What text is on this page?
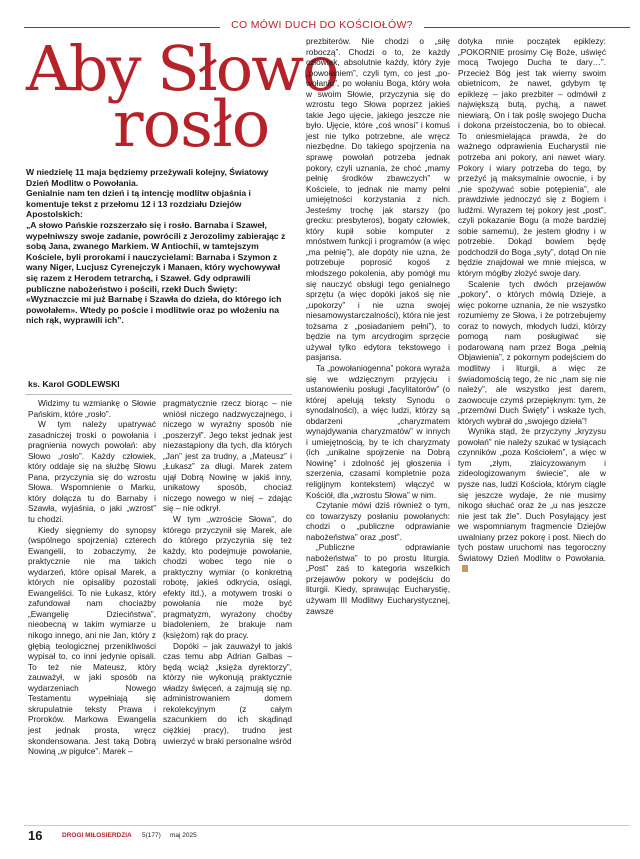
CO MÓWI DUCH DO KOŚCIOŁÓW?
Aby Słowo
rosło

W niedzielę 11 maja będziemy przeżywali kolejny, Światowy Dzień Modlitw o Powołania.

Genialnie nam ten dzień i tą intencję modlitw objaśnia i komentuje tekst z przełomu 12 i 13 rozdziału Dziejów Apostolskich:

„A słowo Pańskie rozszerzało się i rosło. Barnaba i Szaweł, wypełniwszy swoje zadanie, powrócili z Jerozolimy zabierając z sobą Jana, zwanego Markiem. W Antiochii, w tamtejszym Kościele, byli prorokami i nauczycielami: Barnaba i Szymon z wany Niger, Lucjusz Cyrenejczyk i Manaen, który wychowywał się razem z Herodem tetrarchą, i Szaweł. Gdy odprawili publiczne nabożeństwo i pościli, rzekł Duch Święty: «Wyznaczcie mi już Barnabę i Szawła do dzieła, do którego ich powołałem». Wtedy po poście i modlitwie oraz po włożeniu na nich rąk, wyprawili ich”.

ks. Karol GODLEWSKI

Widzimy tu wzmiankę o Słowie Pańskim, które „rosło”.

W tym należy upatrywać zasadniczej troski o powołania i pragnienia nowych powołań: aby Słowo „rosło”. Każdy człowiek, który oddaje się na służbę Słowu Pana, przyczynia się do wzrostu Słowa. Wspomnienie o Marku, który dołącza tu do Barnaby i Szawła, wyjaśnia, o jaki „wzrost” tu chodzi.

Kiedy sięgniemy do synopsy (wspólnego spojrzenia) czterech Ewangelii, to zobaczymy, że praktycznie nie ma takich wydarzeń, które opisał Marek, a których nie opisaliby pozostali Ewangeliści. To nie Łukasz, który zafundował nam chociażby „Ewangelię Dzieciństwa”, nieobecną w takim wymiarze u nikogo innego, ani nie Jan, który z głębią teologicznej przenikliwości wypisał to, co inni jedynie opisali. To też nie Mateusz, który zauważył, w jaki sposób na wydarzeniach Nowego Testamentu wypełniają się skrupulatnie teksty Prawa i Proroków. Markowa Ewangelia jest jednak prosta, wręcz skondensowana. Jest taką Dobrą Nowiną „w pigułce”. Marek –

pragmatycznie rzecz biorąc – nie wniósł niczego nadzwyczajnego, i niczego w wyraźny sposób nie „poszerzył”. Jego tekst jednak jest niezastąpiony dla tych, dla których „Jan” jest za trudny, a „Mateusz” i „Łukasz” za długi. Marek zatem ujął Dobrą Nowinę w jakiś inny, unikatowy sposób, chociaż niczego nowego w niej – zdając się – nie odkrył.

W tym „wzroście Słowa”, do którego przyczynił się Marek, ale do którego przyczynia się też każdy, kto podejmuje powołanie, chodzi wobec tego nie o praktyczny wymiar (o konkretną robotę, jakieś odkrycia, osiągi, efekty itd.), a motywem troski o powołania nie może być pragmatyzm, wyrażony choćby biadoleniem, że brakuje nam (księżom) rąk do pracy.

Dopóki – jak zauważył to jakiś czas temu abp Adrian Galbas – będą wciąż „księża dyrektorzy”, którzy nie wykonują praktycznie władzy święceń, a zajmują się np. administrowaniem domem rekolekcyjnym (z całym szacunkiem do ich skądinąd ciężkiej pracy), trudno jest uwierzyć w braki personalne wśród

prezbiterów. Nie chodzi o „siłę roboczą”. Chodzi o to, że każdy człowiek, absolutnie każdy, który żyje „powołaniem”, czyli tym, co jest „po-wołaniu”, po wołaniu Boga, który woła w swoim Słowie, przyczynia się do wzrostu tego Słowa poprzez jakieś takie Jego ujęcie, jakiego jeszcze nie było. Ujęcie, które „coś wnosi” i komuś jest nie tylko potrzebne, ale wręcz niezbędne. Do takiego spojrzenia na sprawę powołań potrzeba jednak pokory, czyli uznania, że choć „mamy pełnię środków zbawczych” w Kościele, to jednak nie mamy pełni umiejętności korzystania z nich. Jesteśmy trochę jak starszy (po grecku: presbyteros), bogaty człowiek, który kupił sobie komputer z mnóstwem funkcji i programów (a więc „ma pełnię”), ale dopóty nie uzna, że potrzebuje poprosić kogoś z młodszego pokolenia, aby pomógł mu się nauczyć obsługi tego genialnego sprzętu (a więc dopóki jakoś się nie „upokorzy” i nie uzna swojej niesamowystarczalności), która nie jest tożsama z „posiadaniem pełni”), to będzie na tym arcydrogim sprzęcie używał tylko edytora tekstowego i pasjansa.

Ta „powołaniogenna” pokora wyraża się we wdzięcznym przyjęciu i ustanowieniu posługi „facylitatorów” (o której apelują teksty Synodu o synodalności), a więc ludzi, którzy są obdarzeni „charyzmatem wynajdywania charyzmatów” w innych i umiejętnością, by te ich charyzmaty (ich „unikalne spojrzenie na Dobrą Nowinę” i zdolność jej głoszenia i szerzenia, czasami kompletnie poza religijnym kontekstem) włączyć w Kościół, dla „wzrostu Słowa” w nim.

Czytanie mówi dziś również o tym, co towarzyszy posłaniu powołanych: chodzi o „publiczne odprawianie nabożeństwa” oraz „post”.

„Publiczne odprawianie nabożeństwa” to po prostu liturgia. „Post” zaś to kategoria wszelkich przejawów pokory w podejściu do liturgii. Kiedy, sprawując Eucharystię, używam III Modlitwy Eucharystycznej, zawsze

dotyka mnie początek epiklezy: „POKORNIE prosimy Cię Boże, uświęć mocą Twojego Ducha te dary…”. Przecież Bóg jest tak wierny swoim obietnicom, że nawet, gdybym tę epiklezę – jako prezbiter – odmówił z największą butą, pychą, a nawet niewiarą, On i tak poślę swojego Ducha i dokona przeistoczenia, bo to obiecał. To oniesmielająca prawda, że do ważnego odprawienia Eucharystii nie potrzeba ani pokory, ani nawet wiary. Pokory i wiary potrzeba do tego, by przeżyć ją maksymalnie owocnie, i by „nie spożywać sobie potępienia”, ale prawdziwie jednoczyć się z Bogiem i ludźmi. Wyrazem tej pokory jest „post”, czyli pokazanie Bogu (a może bardziej sobie samemu), że jestem głodny i w potrzebie. Dokąd bowiem będę podchodził do Boga „syty”, dotąd On nie będzie znajdował we mnie miejsca, w którym mógłby złożyć swoje dary.

Scalenie tych dwóch przejawów „pokory”, o których mówią Dzieje, a więc pokorne uznania, że nie wszystko rozumiemy ze Słowa, i że potrzebujemy coraz to nowych, młodych ludzi, którzy pomogą nam posługiwać się podarowaną nam przez Boga „pełnią Objawienia”, z pokornym podejściem do modlitwy i liturgii, a więc ze świadomością tego, że nic „nam się nie należy”, ale wszystko jest darem, zaowocuje czymś przepięknym: tym, że „przemówi Duch Święty” i wskaże tych, których wybrał do „swojego dzieła”!

Wynika stąd, że przyczyny „kryzysu powołań” nie należy szukać w tysiącach czynników „poza Kościołem”, a więc w tym „złym, zlaicyzowanym i zideologizowanym świecie”, ale w pysze nas, ludzi Kościoła, którym ciągle się jeszcze wydaje, że nie musimy nikogo słuchać oraz że „u nas jeszcze nie jest tak źle”. Duch Posyłający jest we wspomnianym fragmencie Dziejów uwalniany przez pokorę i post. Niech do tych postaw uruchomi nas tegoroczny Światowy Dzień Modlitw o Powołania.

16	DROGI MIŁOSIERDZIA 5(177) maj 2025
